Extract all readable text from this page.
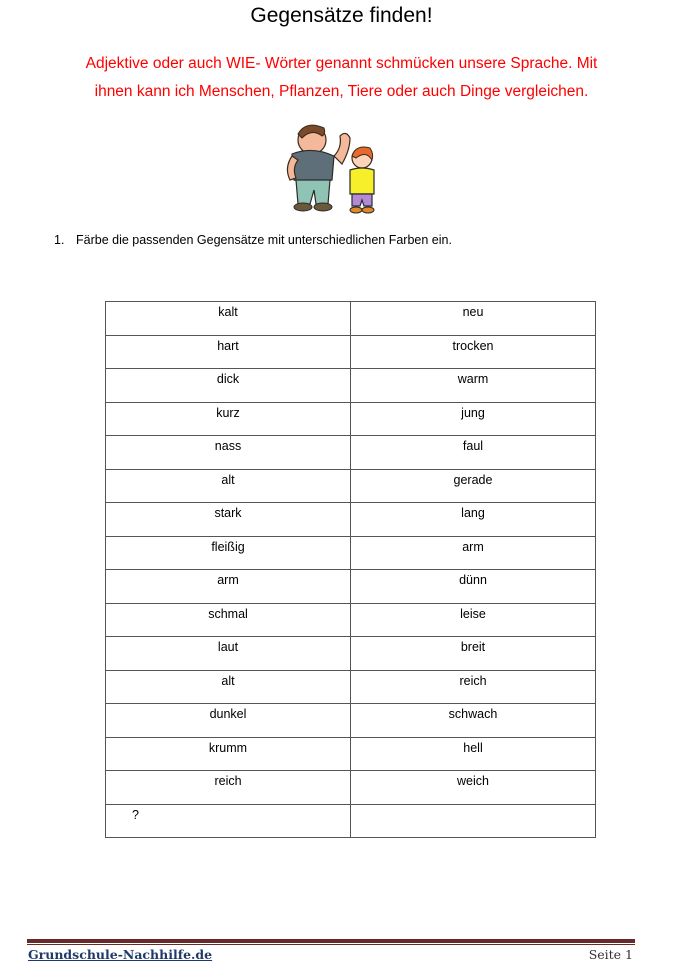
Gegensätze finden!
Adjektive oder auch WIE- Wörter genannt schmücken unsere Sprache. Mit
ihnen kann ich Menschen, Pflanzen, Tiere oder auch Dinge vergleichen.
1. Färbe die passenden Gegensätze mit unterschiedlichen Farben ein.
kalt	neu
hart	trocken
dick	warm
kurz	jung
nass	faul
alt	gerade
stark	lang
fleißig	arm
arm	dünn
schmal	leise
laut	breit
alt	reich
dunkel	schwach
krumm	hell
reich	weich
?	
Grundschule-Nachhilfe.de	Seite 1
